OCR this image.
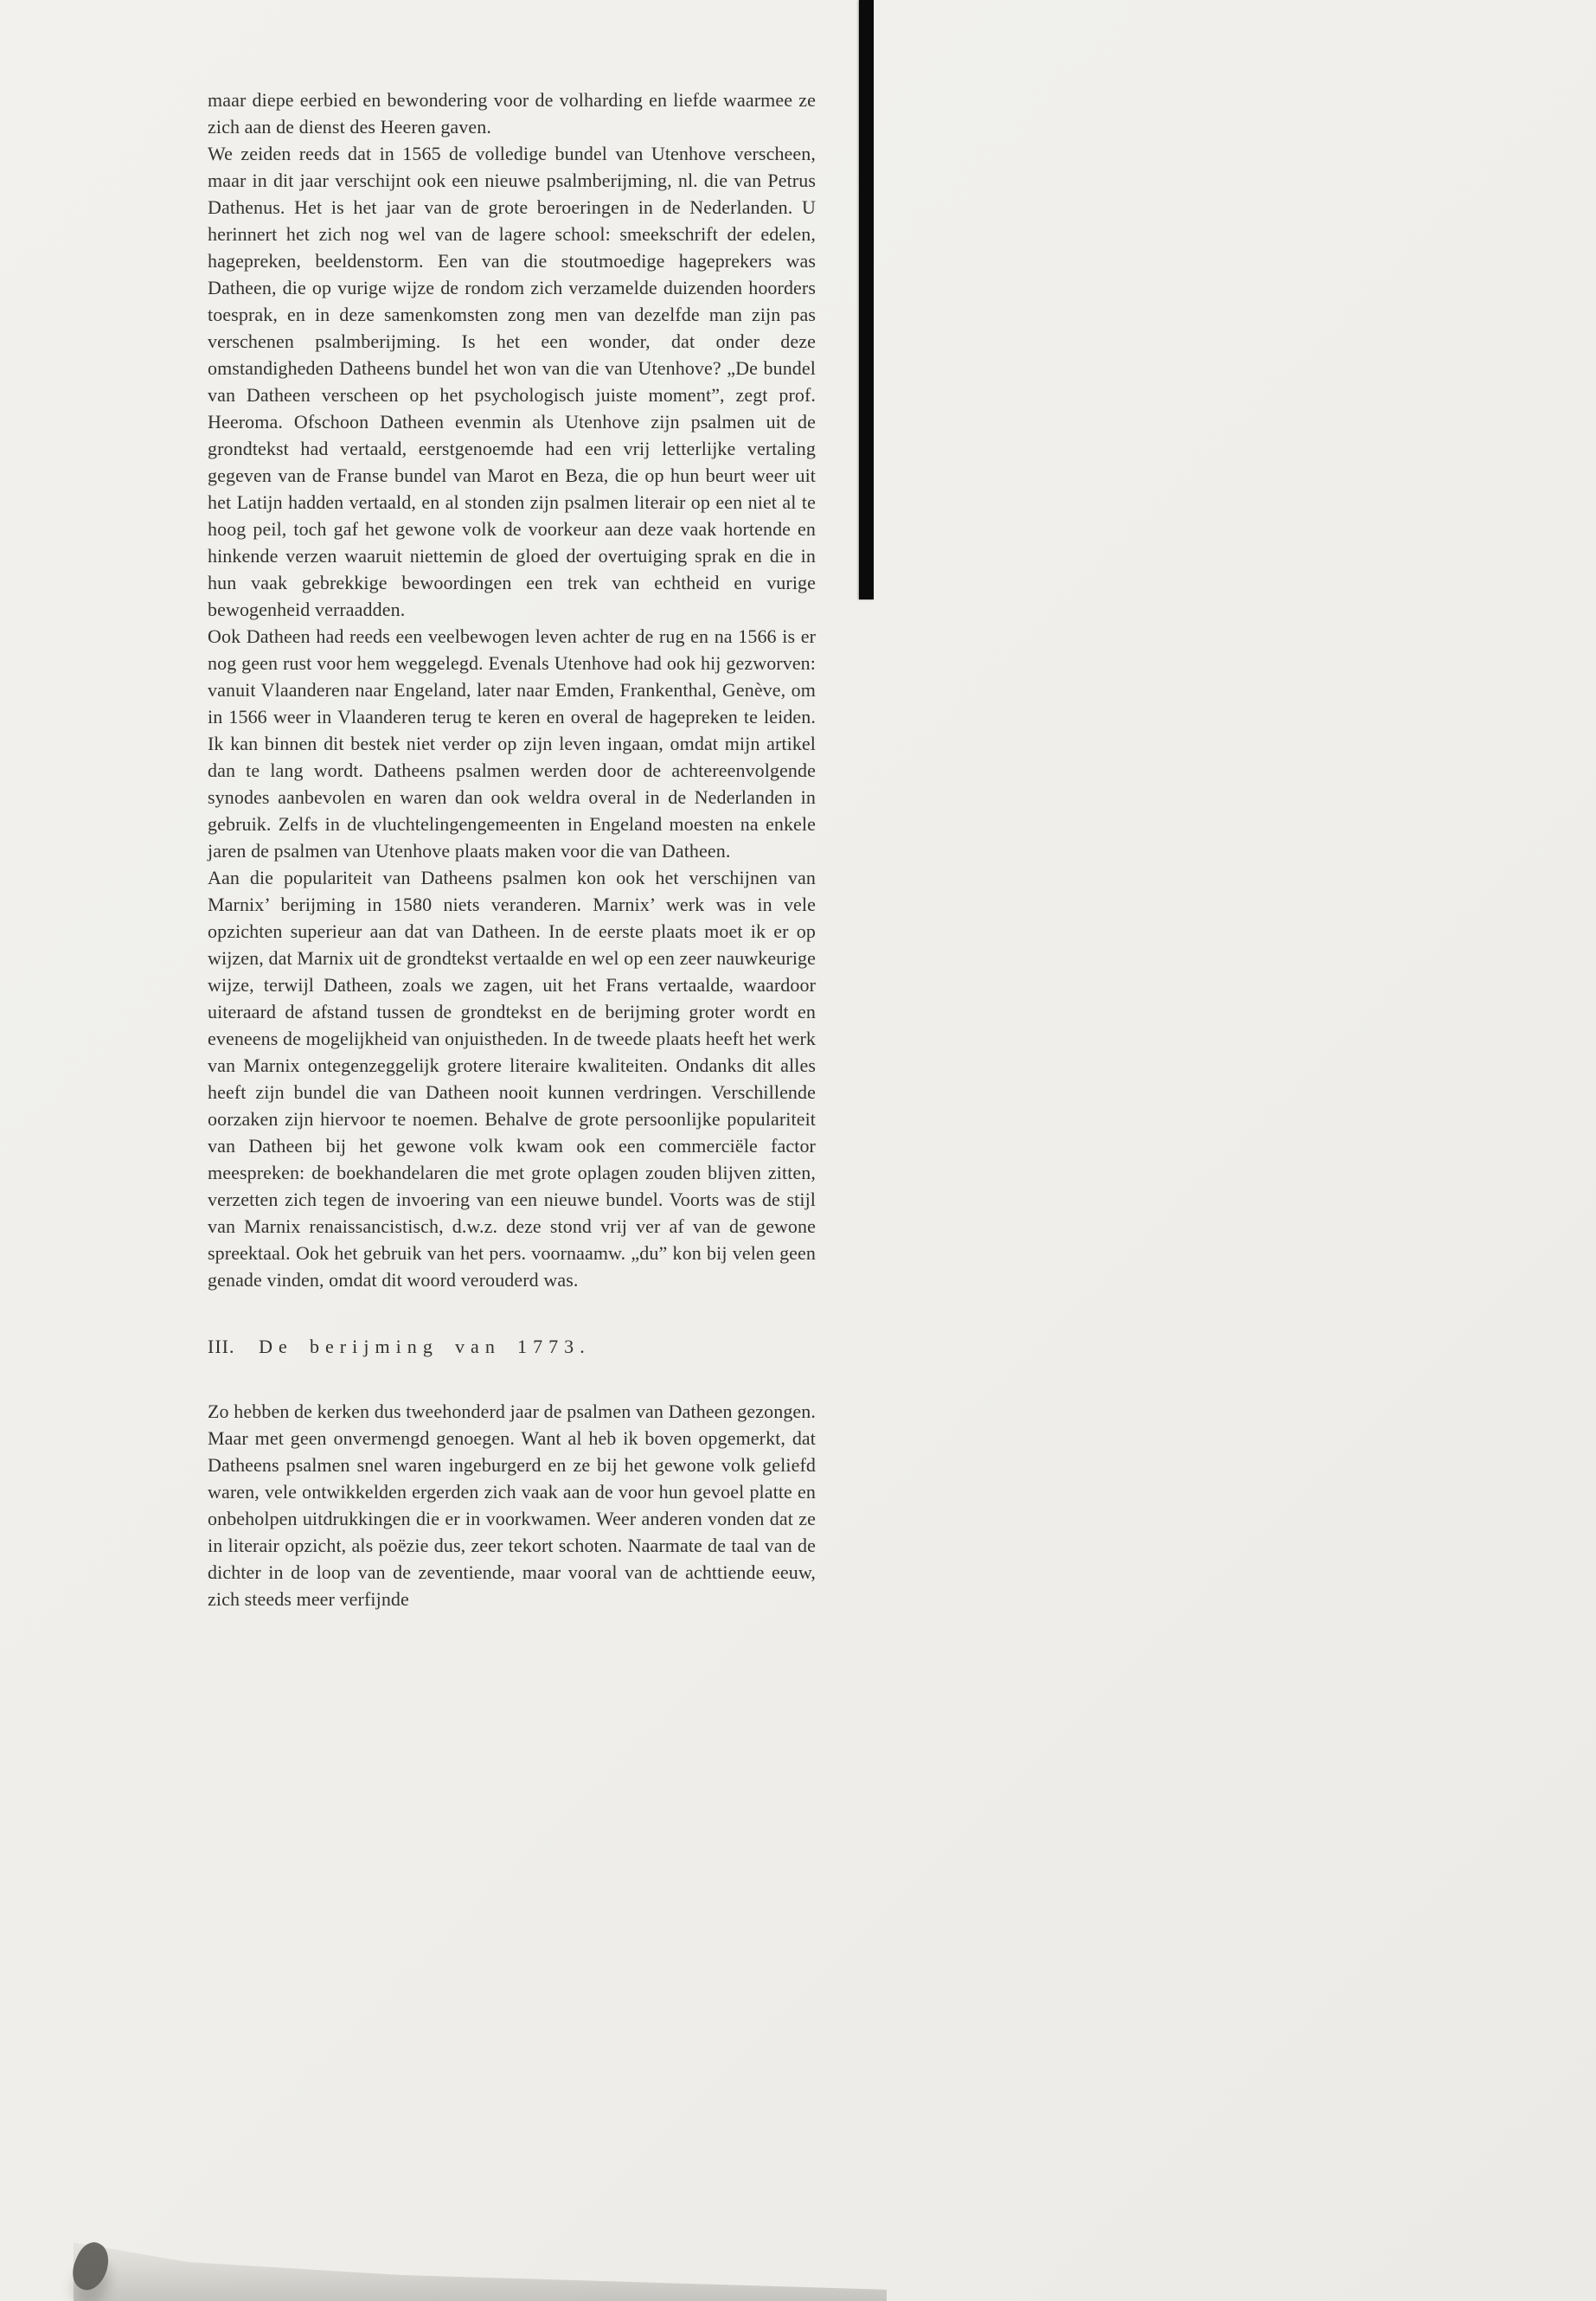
maar diepe eerbied en bewondering voor de volharding en liefde waarmee ze zich aan de dienst des Heeren gaven.

We zeiden reeds dat in 1565 de volledige bundel van Utenhove verscheen, maar in dit jaar verschijnt ook een nieuwe psalmberijming, nl. die van Petrus Dathenus. Het is het jaar van de grote beroeringen in de Nederlanden. U herinnert het zich nog wel van de lagere school: smeekschrift der edelen, hagepreken, beeldenstorm. Een van die stoutmoedige hageprekers was Datheen, die op vurige wijze de rondom zich verzamelde duizenden hoorders toesprak, en in deze samenkomsten zong men van dezelfde man zijn pas verschenen psalmberijming. Is het een wonder, dat onder deze omstandigheden Datheens bundel het won van die van Utenhove? „De bundel van Datheen verscheen op het psychologisch juiste moment”, zegt prof. Heeroma. Ofschoon Datheen evenmin als Utenhove zijn psalmen uit de grondtekst had vertaald, eerstgenoemde had een vrij letterlijke vertaling gegeven van de Franse bundel van Marot en Beza, die op hun beurt weer uit het Latijn hadden vertaald, en al stonden zijn psalmen literair op een niet al te hoog peil, toch gaf het gewone volk de voorkeur aan deze vaak hortende en hinkende verzen waaruit niettemin de gloed der overtuiging sprak en die in hun vaak gebrekkige bewoordingen een trek van echtheid en vurige bewogenheid verraadden.

Ook Datheen had reeds een veelbewogen leven achter de rug en na 1566 is er nog geen rust voor hem weggelegd. Evenals Utenhove had ook hij gezworven: vanuit Vlaanderen naar Engeland, later naar Emden, Frankenthal, Genève, om in 1566 weer in Vlaanderen terug te keren en overal de hagepreken te leiden. Ik kan binnen dit bestek niet verder op zijn leven ingaan, omdat mijn artikel dan te lang wordt. Datheens psalmen werden door de achtereenvolgende synodes aanbevolen en waren dan ook weldra overal in de Nederlanden in gebruik. Zelfs in de vluchtelingengemeenten in Engeland moesten na enkele jaren de psalmen van Utenhove plaats maken voor die van Datheen.

Aan die populariteit van Datheens psalmen kon ook het verschijnen van Marnix’ berijming in 1580 niets veranderen. Marnix’ werk was in vele opzichten superieur aan dat van Datheen. In de eerste plaats moet ik er op wijzen, dat Marnix uit de grondtekst vertaalde en wel op een zeer nauwkeurige wijze, terwijl Datheen, zoals we zagen, uit het Frans vertaalde, waardoor uiteraard de afstand tussen de grondtekst en de berijming groter wordt en eveneens de mogelijkheid van onjuistheden. In de tweede plaats heeft het werk van Marnix ontegenzeggelijk grotere literaire kwaliteiten. Ondanks dit alles heeft zijn bundel die van Datheen nooit kunnen verdringen. Verschillende oorzaken zijn hiervoor te noemen. Behalve de grote persoonlijke populariteit van Datheen bij het gewone volk kwam ook een commerciële factor meespreken: de boekhandelaren die met grote oplagen zouden blijven zitten, verzetten zich tegen de invoering van een nieuwe bundel. Voorts was de stijl van Marnix renaissancistisch, d.w.z. deze stond vrij ver af van de gewone spreektaal. Ook het gebruik van het pers. voornaamw. „du” kon bij velen geen genade vinden, omdat dit woord verouderd was.

III. De berijming van 1773.

Zo hebben de kerken dus tweehonderd jaar de psalmen van Datheen gezongen. Maar met geen onvermengd genoegen. Want al heb ik boven opgemerkt, dat Datheens psalmen snel waren ingeburgerd en ze bij het gewone volk geliefd waren, vele ontwikkelden ergerden zich vaak aan de voor hun gevoel platte en onbeholpen uitdrukkingen die er in voorkwamen. Weer anderen vonden dat ze in literair opzicht, als poëzie dus, zeer tekort schoten. Naarmate de taal van de dichter in de loop van de zeventiende, maar vooral van de achttiende eeuw, zich steeds meer verfijnde
